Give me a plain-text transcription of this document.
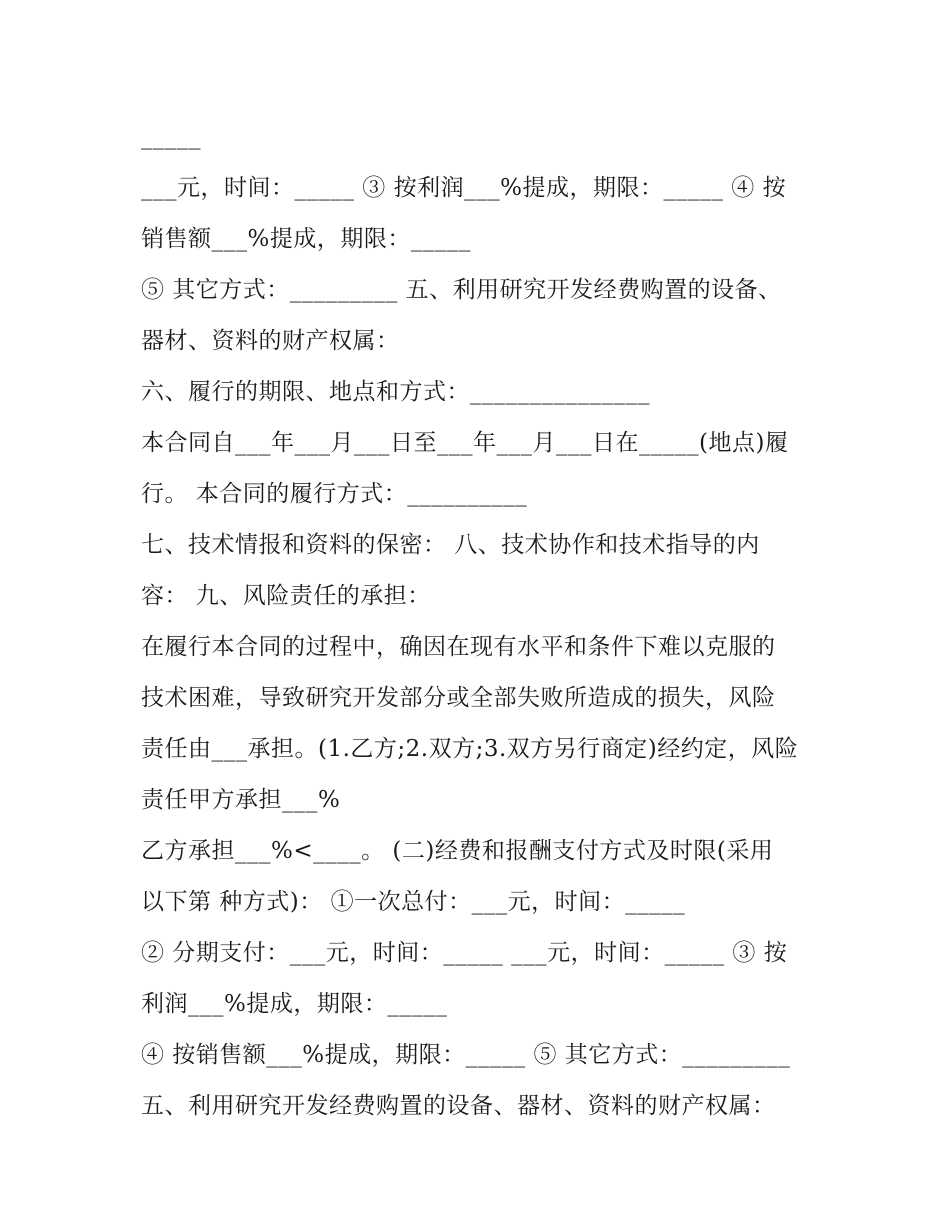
_____
___元，时间：_____ ③ 按利润___%提成，期限：_____ ④ 按
销售额___%提成，期限：_____
⑤ 其它方式：_________ 五、利用研究开发经费购置的设备、
器材、资料的财产权属：
六、履行的期限、地点和方式：_______________
本合同自___年___月___日至___年___月___日在_____(地点)履
行。 本合同的履行方式：__________
七、技术情报和资料的保密： 八、技术协作和技术指导的内
容： 九、风险责任的承担：
在履行本合同的过程中，确因在现有水平和条件下难以克服的
技术困难，导致研究开发部分或全部失败所造成的损失，风险
责任由___承担。(1.乙方;2.双方;3.双方另行商定)经约定，风险
责任甲方承担___%
乙方承担___%<____。 (二)经费和报酬支付方式及时限(采用
以下第 种方式)： ①一次总付：___元，时间：_____
② 分期支付：___元，时间：_____ ___元，时间：_____ ③ 按
利润___%提成，期限：_____
④ 按销售额___%提成，期限：_____ ⑤ 其它方式：_________
五、利用研究开发经费购置的设备、器材、资料的财产权属：
